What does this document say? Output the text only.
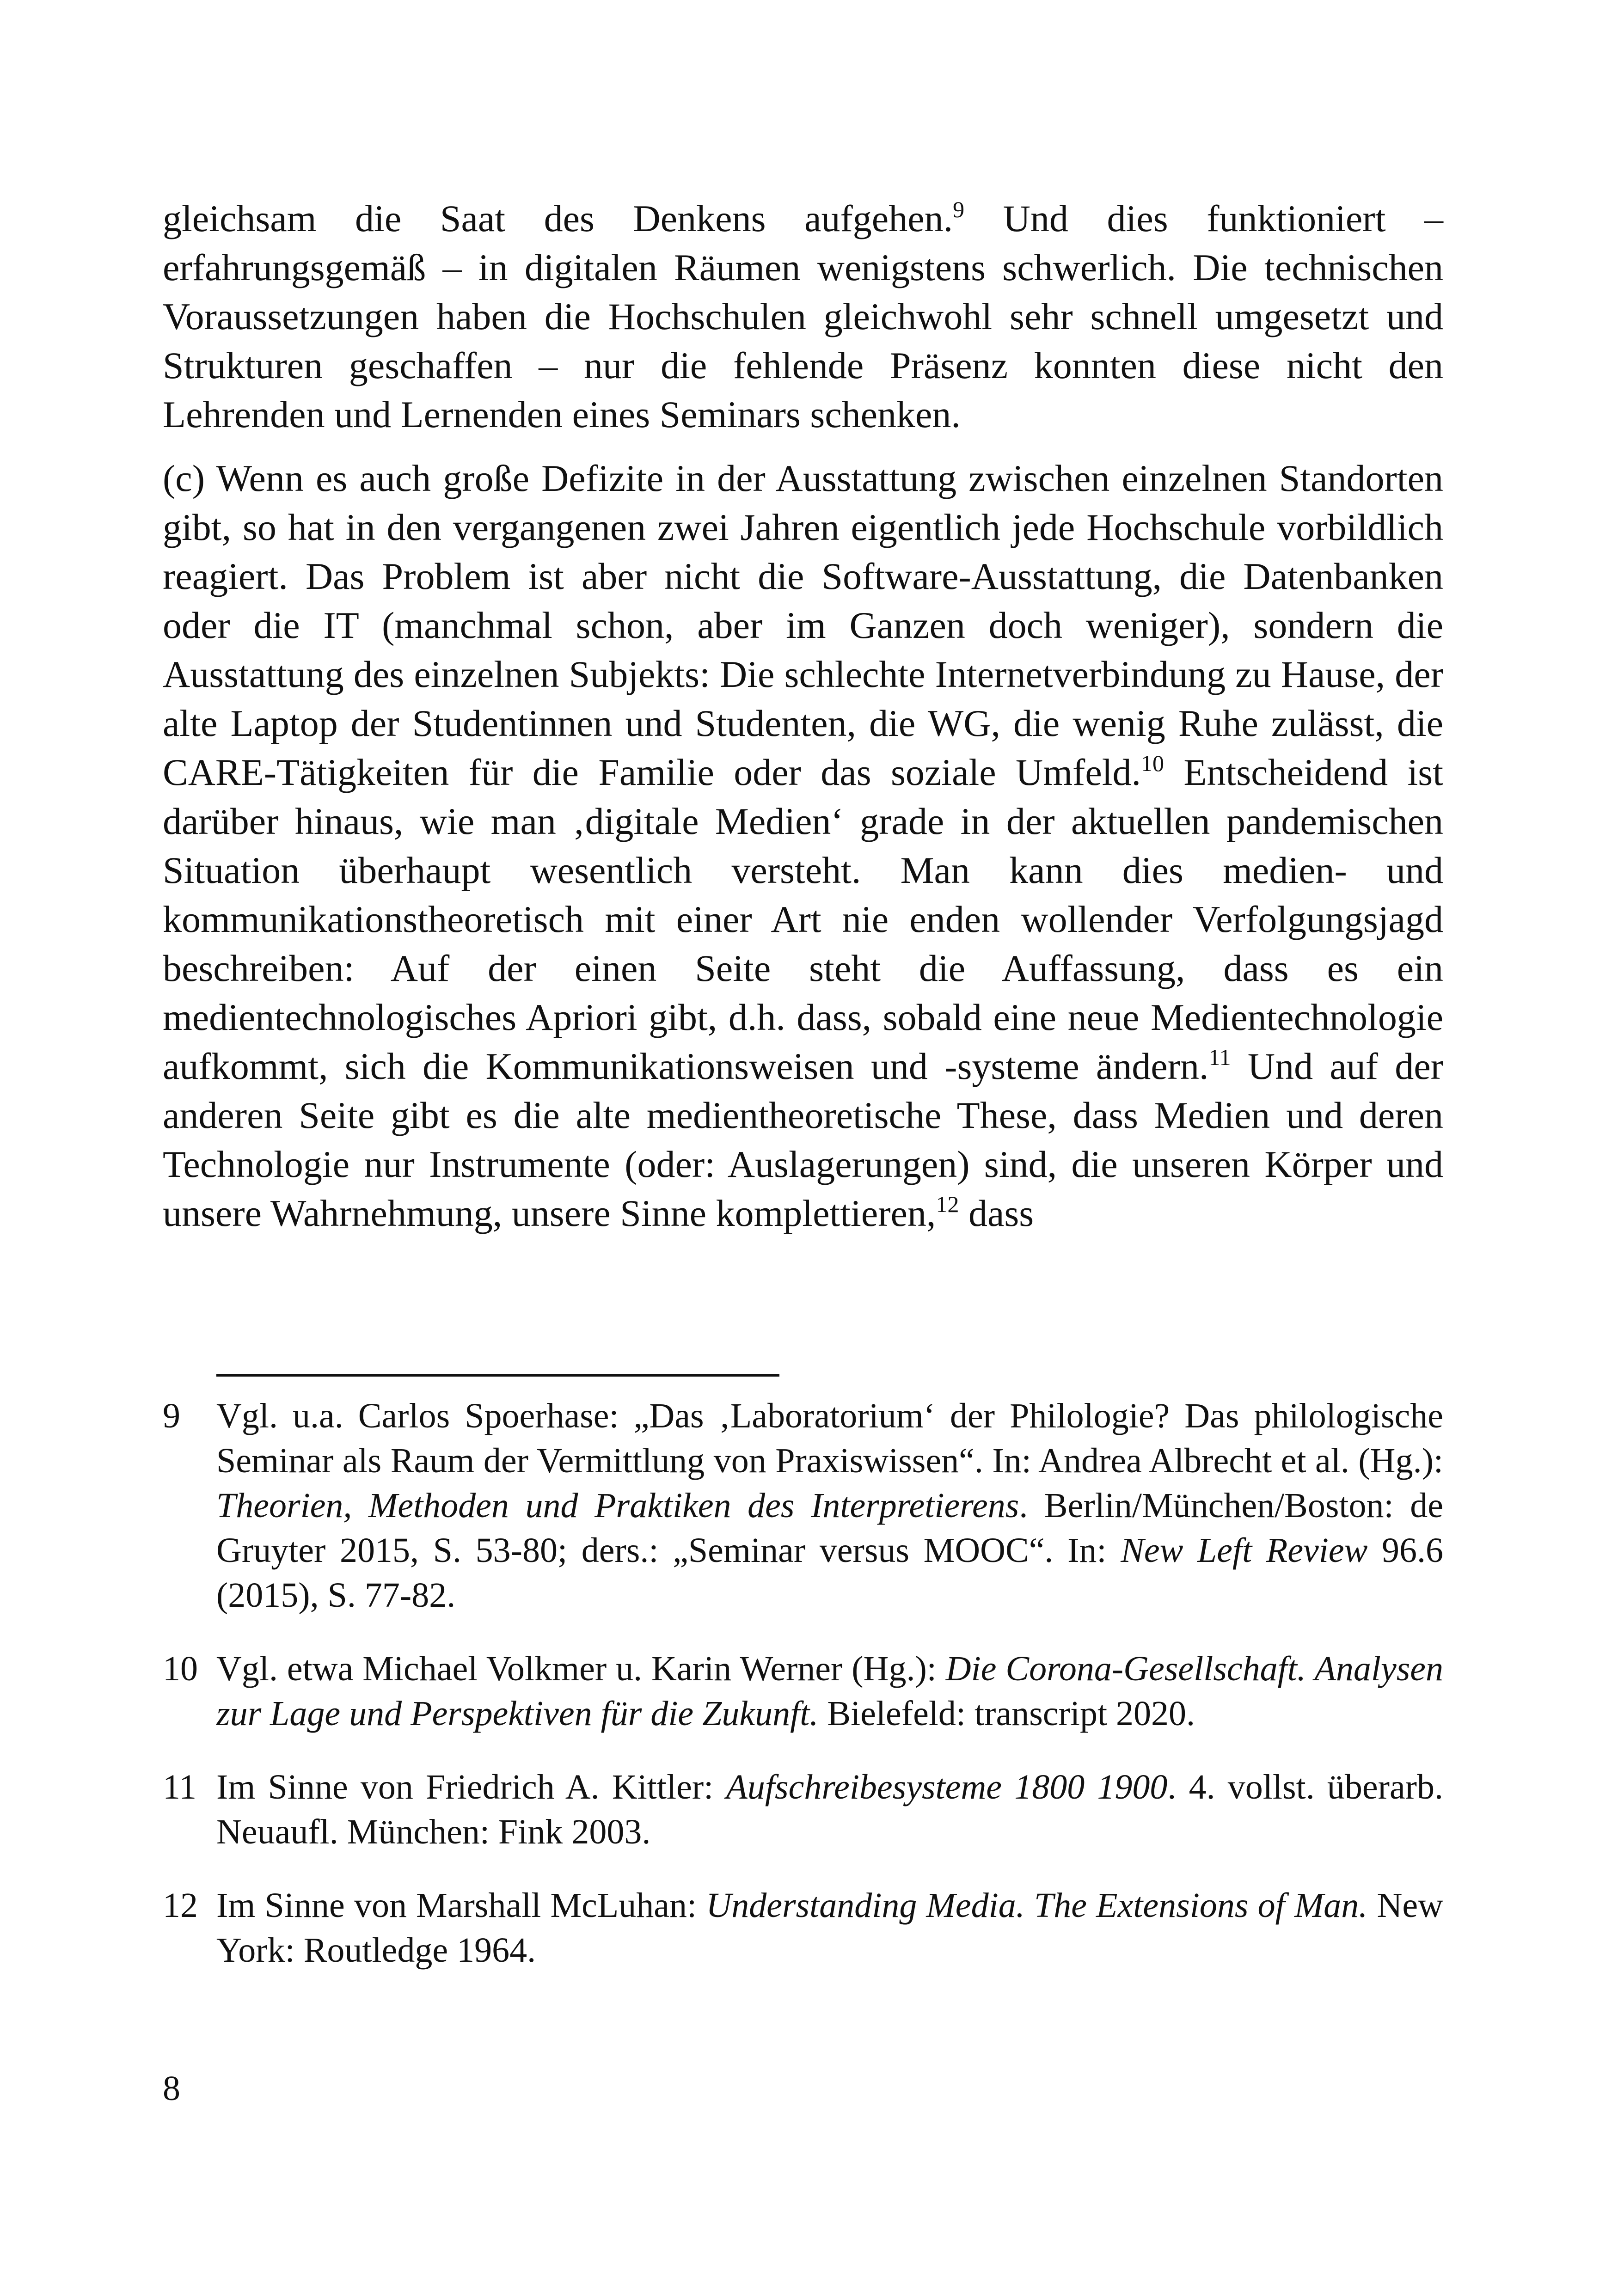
gleichsam die Saat des Denkens aufgehen.$^9$ Und dies funktioniert – erfahrungsgemäß – in digitalen Räumen wenigstens schwerlich. Die technischen Voraussetzungen haben die Hochschulen gleichwohl sehr schnell umgesetzt und Strukturen geschaffen – nur die fehlende Präsenz konnten diese nicht den Lehrenden und Lernenden eines Seminars schenken.

(c) Wenn es auch große Defizite in der Ausstattung zwischen einzelnen Standorten gibt, so hat in den vergangenen zwei Jahren eigentlich jede Hochschule vorbildlich reagiert. Das Problem ist aber nicht die Software-Ausstattung, die Datenbanken oder die IT (manchmal schon, aber im Ganzen doch weniger), sondern die Ausstattung des einzelnen Subjekts: Die schlechte Internetverbindung zu Hause, der alte Laptop der Studentinnen und Studenten, die WG, die wenig Ruhe zulässt, die CARE-Tätigkeiten für die Familie oder das soziale Umfeld.$^{10}$ Entscheidend ist darüber hinaus, wie man ‚digitale Medien‘ grade in der aktuellen pandemischen Situation überhaupt wesentlich versteht. Man kann dies medien- und kommunikationstheoretisch mit einer Art nie enden wollender Verfolgungsjagd beschreiben: Auf der einen Seite steht die Auffassung, dass es ein medientechnologisches Apriori gibt, d.h. dass, sobald eine neue Medientechnologie aufkommt, sich die Kommunikationsweisen und -systeme ändern.$^{11}$ Und auf der anderen Seite gibt es die alte medientheoretische These, dass Medien und deren Technologie nur Instrumente (oder: Auslagerungen) sind, die unseren Körper und unsere Wahrnehmung, unsere Sinne komplettieren,$^{12}$ dass

9 Vgl. u.a. Carlos Spoerhase: „Das ‚Laboratorium‘ der Philologie? Das philologische Seminar als Raum der Vermittlung von Praxiswissen“. In: Andrea Albrecht et al. (Hg.): Theorien, Methoden und Praktiken des Interpretierens. Berlin/München/Boston: de Gruyter 2015, S. 53-80; ders.: „Seminar versus MOOC“. In: New Left Review 96.6 (2015), S. 77-82.

10 Vgl. etwa Michael Volkmer u. Karin Werner (Hg.): Die Corona-Gesellschaft. Analysen zur Lage und Perspektiven für die Zukunft. Bielefeld: transcript 2020.

11 Im Sinne von Friedrich A. Kittler: Aufschreibesysteme 1800 1900. 4. vollst. überarb. Neuaufl. München: Fink 2003.

12 Im Sinne von Marshall McLuhan: Understanding Media. The Extensions of Man. New York: Routledge 1964.

8
